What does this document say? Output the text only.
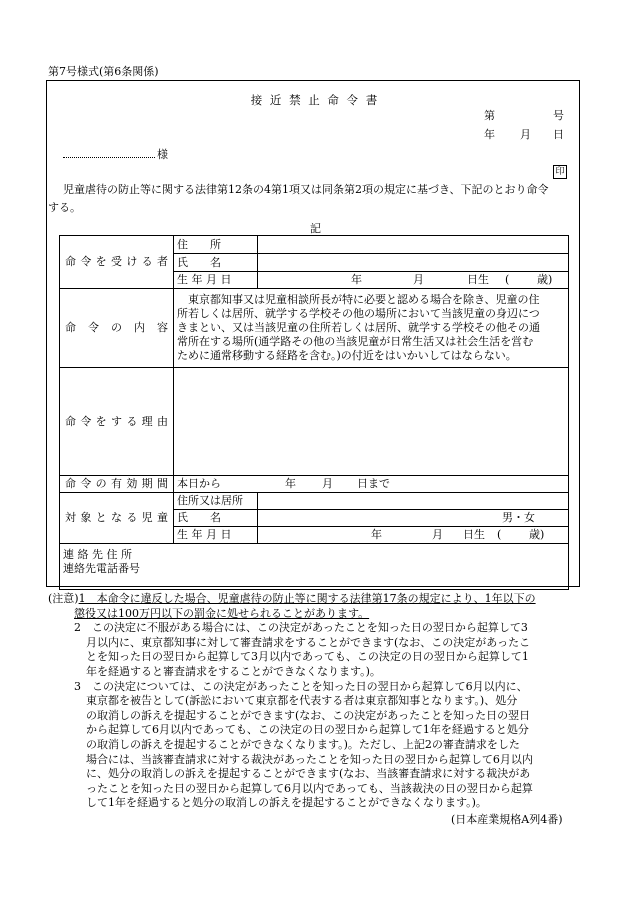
第7号様式(第6条関係)
接 近 禁 止 命 令 書
第	号
年 月 日
様
印
児童虐待の防止等に関する法律第12条の4第1項又は同条第2項の規定に基づき、下記のとおり命令
する。
記
命令を受ける者	住　　所	
	氏　　名	
	生 年 月 日	年 月 日生 ( 歳)

命 令 の 内 容	　東京都知事又は児童相談所長が特に必要と認める場合を除き、児童の住
所若しくは居所、就学する学校その他の場所において当該児童の身辺につ
きまとい、又は当該児童の住所若しくは居所、就学する学校その他その通
常所在する場所(通学路その他の当該児童が日常生活又は社会生活を営む
ために通常移動する経路を含む。)の付近をはいかいしてはならない。	

命令をする理由		
命令の有効期間	本日から 年 月 日まで	

対象となる児童	住所又は居所	
	氏　　名	男・女

	生 年 月 日	年 月 日生 ( 歳)

連 絡 先 住 所
連絡先電話番号		
(注意)1　本命令に違反した場合、児童虐待の防止等に関する法律第17条の規定により、1年以下の
懲役又は100万円以下の罰金に処せられることがあります。
2　この決定に不服がある場合には、この決定があったことを知った日の翌日から起算して3
月以内に、東京都知事に対して審査請求をすることができます(なお、この決定があったこ
とを知った日の翌日から起算して3月以内であっても、この決定の日の翌日から起算して1
年を経過すると審査請求をすることができなくなります。)。
3　この決定については、この決定があったことを知った日の翌日から起算して6月以内に、
東京都を被告として(訴訟において東京都を代表する者は東京都知事となります。)、処分
の取消しの訴えを提起することができます(なお、この決定があったことを知った日の翌日
から起算して6月以内であっても、この決定の日の翌日から起算して1年を経過すると処分
の取消しの訴えを提起することができなくなります。)。ただし、上記2の審査請求をした
場合には、当該審査請求に対する裁決があったことを知った日の翌日から起算して6月以内
に、処分の取消しの訴えを提起することができます(なお、当該審査請求に対する裁決があ
ったことを知った日の翌日から起算して6月以内であっても、当該裁決の日の翌日から起算
して1年を経過すると処分の取消しの訴えを提起することができなくなります。)。
(日本産業規格A列4番)
